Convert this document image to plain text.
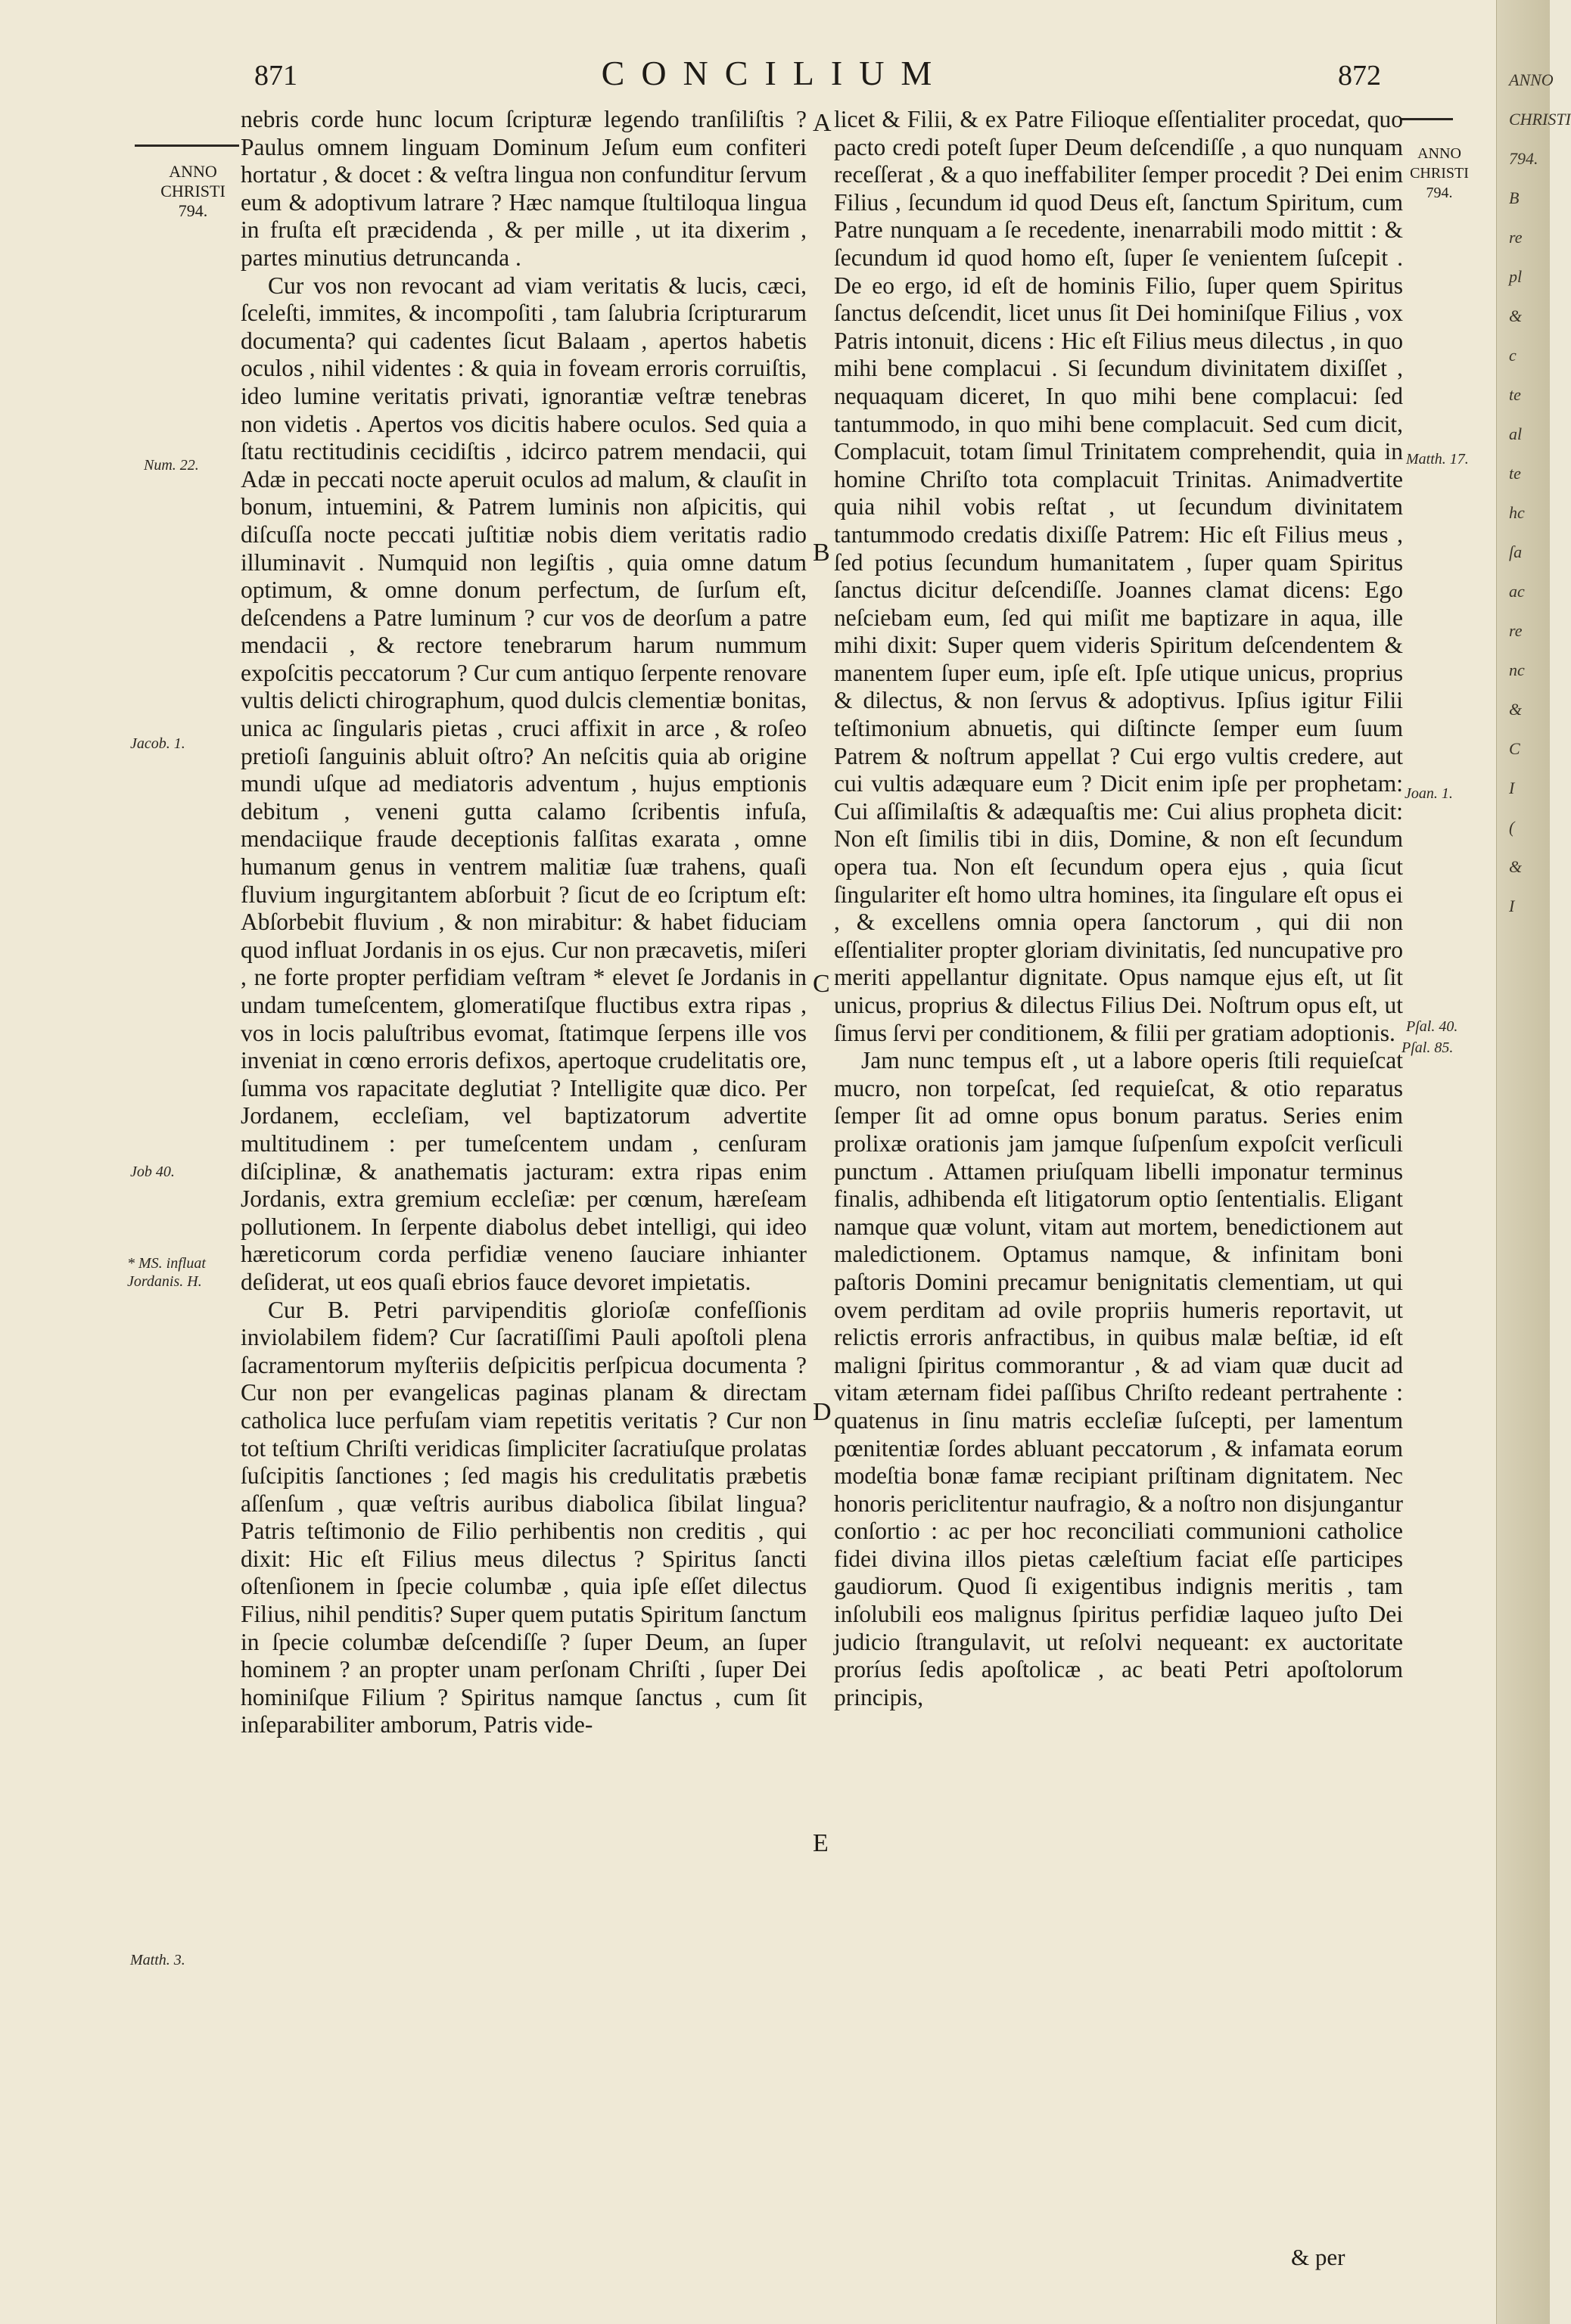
871	CONCILIUM	872
ANNO
CHRISTI
794.
ANNO
CHRISTI
794.

nebris corde hunc locum ſcripturæ legendo tranſiliſtis ? Paulus omnem linguam Dominum Jeſum eum confiteri hortatur , & docet : & veſtra lingua non confunditur ſervum eum & adoptivum latrare ? Hæc namque ſtultiloqua lingua in fruſta eſt præcidenda , & per mille , ut ita dixerim , partes minutius detruncanda .

Cur vos non revocant ad viam veritatis & lucis, cæci, ſceleſti, immites, & incompoſiti , tam ſalubria ſcripturarum documenta? qui cadentes ſicut Balaam , apertos habetis oculos , nihil videntes : & quia in foveam erroris corruiſtis, ideo lumine veritatis privati, ignorantiæ veſtræ tenebras non videtis . Apertos vos dicitis habere oculos. Sed quia a ſtatu rectitudinis cecidiſtis , idcirco patrem mendacii, qui Adæ in peccati nocte aperuit oculos ad malum, & clauſit in bonum, intuemini, & Patrem luminis non aſpicitis, qui diſcuſſa nocte peccati juſtitiæ nobis diem veritatis radio illuminavit . Numquid non legiſtis , quia omne datum optimum, & omne donum perfectum, de ſurſum eſt, deſcendens a Patre luminum ? cur vos de deorſum a patre mendacii , & rectore tenebrarum harum nummum expoſcitis peccatorum ? Cur cum antiquo ſerpente renovare vultis delicti chirographum, quod dulcis clementiæ bonitas, unica ac ſingularis pietas , cruci affixit in arce , & roſeo pretioſi ſanguinis abluit oſtro? An neſcitis quia ab origine mundi uſque ad mediatoris adventum , hujus emptionis debitum , veneni gutta calamo ſcribentis infuſa, mendaciique fraude deceptionis falſitas exarata , omne humanum genus in ventrem malitiæ ſuæ trahens, quaſi fluvium ingurgitantem abſorbuit ? ſicut de eo ſcriptum eſt: Abſorbebit fluvium , & non mirabitur: & habet fiduciam quod influat Jordanis in os ejus. Cur non præcavetis, miſeri , ne forte propter perfidiam veſtram * elevet ſe Jordanis in undam tumeſcentem, glomeratiſque fluctibus extra ripas , vos in locis paluſtribus evomat, ſtatimque ſerpens ille vos inveniat in cœno erroris defixos, apertoque crudelitatis ore, ſumma vos rapacitate deglutiat ? Intelligite quæ dico. Per Jordanem, eccleſiam, vel baptizatorum advertite multitudinem : per tumeſcentem undam , cenſuram diſciplinæ, & anathematis jacturam: extra ripas enim Jordanis, extra gremium eccleſiæ: per cœnum, hæreſeam pollutionem. In ſerpente diabolus debet intelligi, qui ideo hæreticorum corda perfidiæ veneno ſauciare inhianter deſiderat, ut eos quaſi ebrios fauce devoret impietatis.

Cur B. Petri parvipenditis glorioſæ confeſſionis inviolabilem fidem? Cur ſacratiſſimi Pauli apoſtoli plena ſacramentorum myſteriis deſpicitis perſpicua documenta ? Cur non per evangelicas paginas planam & directam catholica luce perfuſam viam repetitis veritatis ? Cur non tot teſtium Chriſti veridicas ſimpliciter ſacratiuſque prolatas ſuſcipitis ſanctiones ; ſed magis his credulitatis præbetis aſſenſum , quæ veſtris auribus diabolica ſibilat lingua? Patris teſtimonio de Filio perhibentis non creditis , qui dixit: Hic eſt Filius meus dilectus ? Spiritus ſancti oſtenſionem in ſpecie columbæ , quia ipſe eſſet dilectus Filius, nihil penditis? Super quem putatis Spiritum ſanctum in ſpecie columbæ deſcendiſſe ? ſuper Deum, an ſuper hominem ? an propter unam perſonam Chriſti , ſuper Dei hominiſque Filium ? Spiritus namque ſanctus , cum ſit inſeparabiliter amborum, Patris vide-

licet & Filii, & ex Patre Filioque eſſentialiter procedat, quo pacto credi poteſt ſuper Deum deſcendiſſe , a quo nunquam receſſerat , & a quo ineffabiliter ſemper procedit ? Dei enim Filius , ſecundum id quod Deus eſt, ſanctum Spiritum, cum Patre nunquam a ſe recedente, inenarrabili modo mittit : & ſecundum id quod homo eſt, ſuper ſe venientem ſuſcepit . De eo ergo, id eſt de hominis Filio, ſuper quem Spiritus ſanctus deſcendit, licet unus ſit Dei hominiſque Filius , vox Patris intonuit, dicens : Hic eſt Filius meus dilectus , in quo mihi bene complacui . Si ſecundum divinitatem dixiſſet , nequaquam diceret, In quo mihi bene complacui: ſed tantummodo, in quo mihi bene complacuit. Sed cum dicit, Complacuit, totam ſimul Trinitatem comprehendit, quia in homine Chriſto tota complacuit Trinitas. Animadvertite quia nihil vobis reſtat , ut ſecundum divinitatem tantummodo credatis dixiſſe Patrem: Hic eſt Filius meus , ſed potius ſecundum humanitatem , ſuper quam Spiritus ſanctus dicitur deſcendiſſe. Joannes clamat dicens: Ego neſciebam eum, ſed qui miſit me baptizare in aqua, ille mihi dixit: Super quem videris Spiritum deſcendentem & manentem ſuper eum, ipſe eſt. Ipſe utique unicus, proprius & dilectus, & non ſervus & adoptivus. Ipſius igitur Filii teſtimonium abnuetis, qui diſtincte ſemper eum ſuum Patrem & noſtrum appellat ? Cui ergo vultis credere, aut cui vultis adæquare eum ? Dicit enim ipſe per prophetam: Cui aſſimilaſtis & adæquaſtis me: Cui alius propheta dicit: Non eſt ſimilis tibi in diis, Domine, & non eſt ſecundum opera tua. Non eſt ſecundum opera ejus , quia ſicut ſingulariter eſt homo ultra homines, ita ſingulare eſt opus ei , & excellens omnia opera ſanctorum , qui dii non eſſentialiter propter gloriam divinitatis, ſed nuncupative pro meriti appellantur dignitate. Opus namque ejus eſt, ut ſit unicus, proprius & dilectus Filius Dei. Noſtrum opus eſt, ut ſimus ſervi per conditionem, & filii per gratiam adoptionis.

Jam nunc tempus eſt , ut a labore operis ſtili requieſcat mucro, non torpeſcat, ſed requieſcat, & otio reparatus ſemper ſit ad omne opus bonum paratus. Series enim prolixæ orationis jam jamque ſuſpenſum expoſcit verſiculi punctum . Attamen priuſquam libelli imponatur terminus finalis, adhibenda eſt litigatorum optio ſententialis. Eligant namque quæ volunt, vitam aut mortem, benedictionem aut maledictionem. Optamus namque, & infinitam boni paſtoris Domini precamur benignitatis clementiam, ut qui ovem perditam ad ovile propriis humeris reportavit, ut relictis erroris anfractibus, in quibus malæ beſtiæ, id eſt maligni ſpiritus commorantur , & ad viam quæ ducit ad vitam æternam fidei paſſibus Chriſto redeant pertrahente : quatenus in ſinu matris eccleſiæ ſuſcepti, per lamentum pœnitentiæ ſordes abluant peccatorum , & infamata eorum modeſtia bonæ famæ recipiant priſtinam dignitatem. Nec honoris periclitentur naufragio, & a noſtro non disjungantur conſortio : ac per hoc reconciliati communioni catholice fidei divina illos pietas cæleſtium faciat eſſe participes gaudiorum. Quod ſi exigentibus indignis meritis , tam inſolubili eos malignus ſpiritus perfidiæ laqueo juſto Dei judicio ſtrangulavit, ut reſolvi nequeant: ex auctoritate proríus ſedis apoſtolicæ , ac beati Petri apoſtolorum principis,

Num. 22.
Jacob. 1.
Job 40.
* MS. influat Jordanis. H.
Matth. 3.
Matth. 17.
Joan. 1.
Pſal. 40.
Pſal. 85.
A
B
C
D
E
& per
ANNO
CHRISTI
794.
B
re
pl
&
c
te
al
te
hc
ſa
ac
re
nc
&
C
I
(
&
I
